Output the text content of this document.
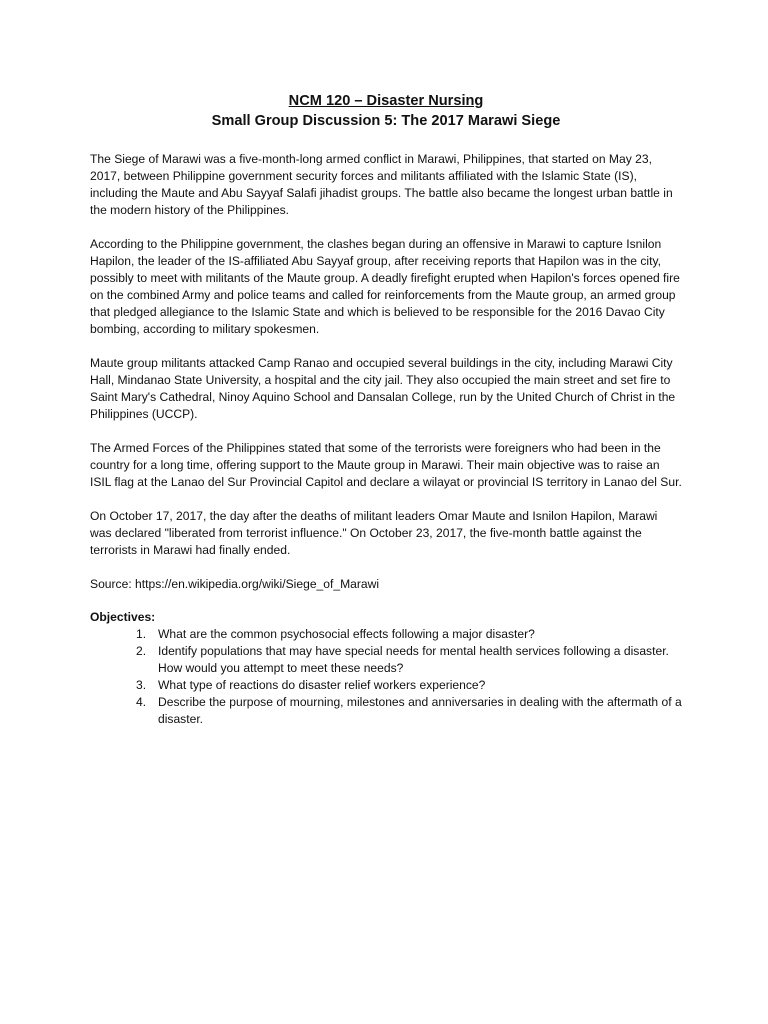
NCM 120 – Disaster Nursing

Small Group Discussion 5: The 2017 Marawi Siege

The Siege of Marawi was a five-month-long armed conflict in Marawi, Philippines, that started on May 23, 2017, between Philippine government security forces and militants affiliated with the Islamic State (IS), including the Maute and Abu Sayyaf Salafi jihadist groups. The battle also became the longest urban battle in the modern history of the Philippines.

According to the Philippine government, the clashes began during an offensive in Marawi to capture Isnilon Hapilon, the leader of the IS-affiliated Abu Sayyaf group, after receiving reports that Hapilon was in the city, possibly to meet with militants of the Maute group. A deadly firefight erupted when Hapilon's forces opened fire on the combined Army and police teams and called for reinforcements from the Maute group, an armed group that pledged allegiance to the Islamic State and which is believed to be responsible for the 2016 Davao City bombing, according to military spokesmen.

Maute group militants attacked Camp Ranao and occupied several buildings in the city, including Marawi City Hall, Mindanao State University, a hospital and the city jail. They also occupied the main street and set fire to Saint Mary's Cathedral, Ninoy Aquino School and Dansalan College, run by the United Church of Christ in the Philippines (UCCP).

The Armed Forces of the Philippines stated that some of the terrorists were foreigners who had been in the country for a long time, offering support to the Maute group in Marawi. Their main objective was to raise an ISIL flag at the Lanao del Sur Provincial Capitol and declare a wilayat or provincial IS territory in Lanao del Sur.

On October 17, 2017, the day after the deaths of militant leaders Omar Maute and Isnilon Hapilon, Marawi was declared "liberated from terrorist influence." On October 23, 2017, the five-month battle against the terrorists in Marawi had finally ended.

Source: https://en.wikipedia.org/wiki/Siege_of_Marawi

Objectives:

1. What are the common psychosocial effects following a major disaster?
2. Identify populations that may have special needs for mental health services following a disaster. How would you attempt to meet these needs?
3. What type of reactions do disaster relief workers experience?
4. Describe the purpose of mourning, milestones and anniversaries in dealing with the aftermath of a disaster.
